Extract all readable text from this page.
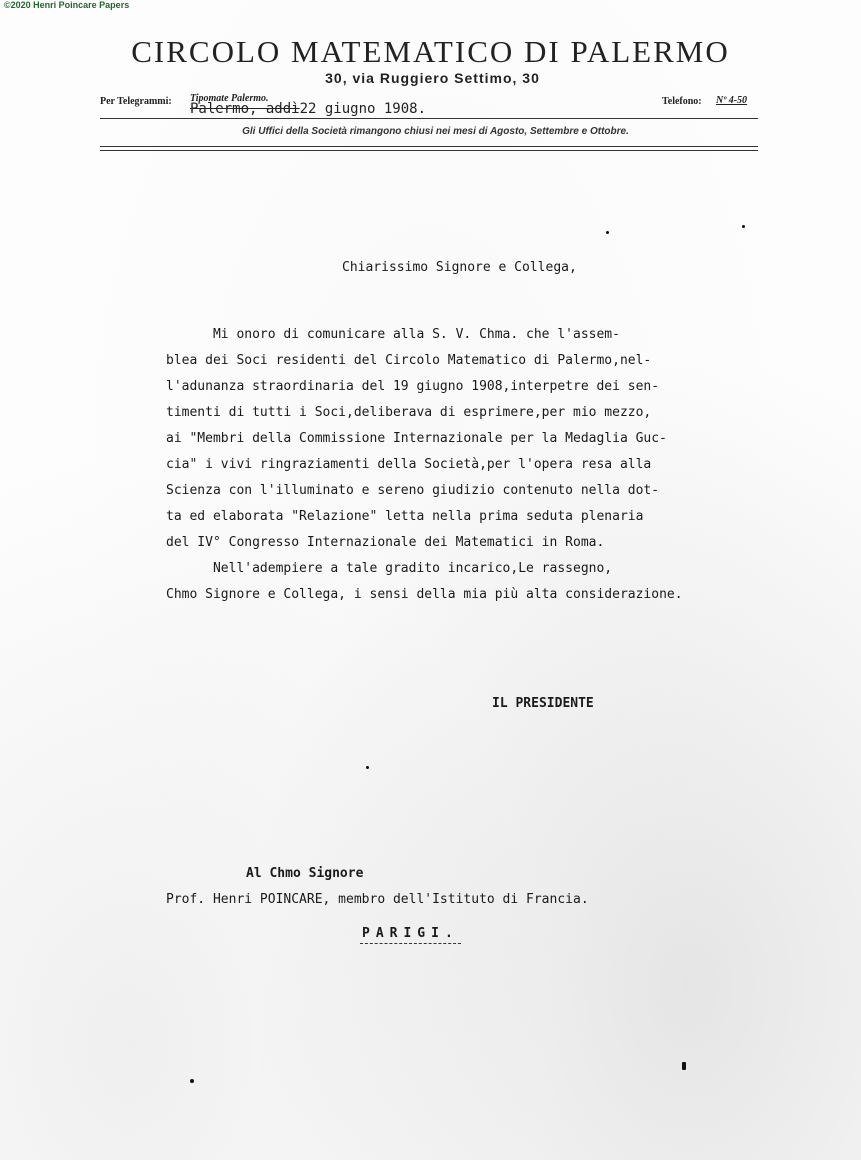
©2020 Henri Poincare Papers
CIRCOLO MATEMATICO DI PALERMO
30, via Ruggiero Settimo, 30
Per Telegrammi: Tipomate Palermo.
Palermo, addì22 giugno 1908.	Telefono: Nº 4-50
Gli Uffici della Società rimangono chiusi nei mesi di Agosto, Settembre e Ottobre.
Chiarissimo Signore e Collega,
Mi onoro di comunicare alla S. V. Chma. che l'assem-
blea dei Soci residenti del Circolo Matematico di Palermo,nel-
l'adunanza straordinaria del 19 giugno 1908,interpetre dei sen-
timenti di tutti i Soci,deliberava di esprimere,per mio mezzo,
ai "Membri della Commissione Internazionale per la Medaglia Guc-
cia" i vivi ringraziamenti della Società,per l'opera resa alla
Scienza con l'illuminato e sereno giudizio contenuto nella dot-
ta ed elaborata "Relazione" letta nella prima seduta plenaria
del IV° Congresso Internazionale dei Matematici in Roma.
Nell'adempiere a tale gradito incarico,Le rassegno,
Chmo Signore e Collega, i sensi della mia più alta considerazione.
IL PRESIDENTE
Al Chmo Signore
Prof. Henri POINCARE, membro dell'Istituto di Francia.
PARIGI.
